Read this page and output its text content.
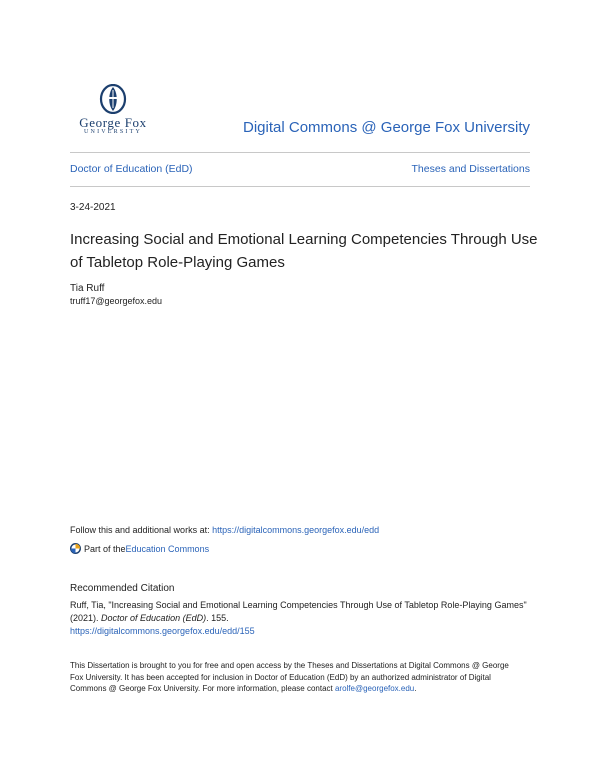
George Fox
UNIVERSITY	Digital Commons @ George Fox University
Doctor of Education (EdD)	Theses and Dissertations
3-24-2021
Increasing Social and Emotional Learning Competencies Through Use of Tabletop Role-Playing Games
Tia Ruff
truff17@georgefox.edu
Follow this and additional works at: https://digitalcommons.georgefox.edu/edd
Part of the Education Commons
Recommended Citation
Ruff, Tia, "Increasing Social and Emotional Learning Competencies Through Use of Tabletop Role-Playing Games" (2021). Doctor of Education (EdD). 155.
https://digitalcommons.georgefox.edu/edd/155
This Dissertation is brought to you for free and open access by the Theses and Dissertations at Digital Commons @ George Fox University. It has been accepted for inclusion in Doctor of Education (EdD) by an authorized administrator of Digital Commons @ George Fox University. For more information, please contact arolfe@georgefox.edu.
